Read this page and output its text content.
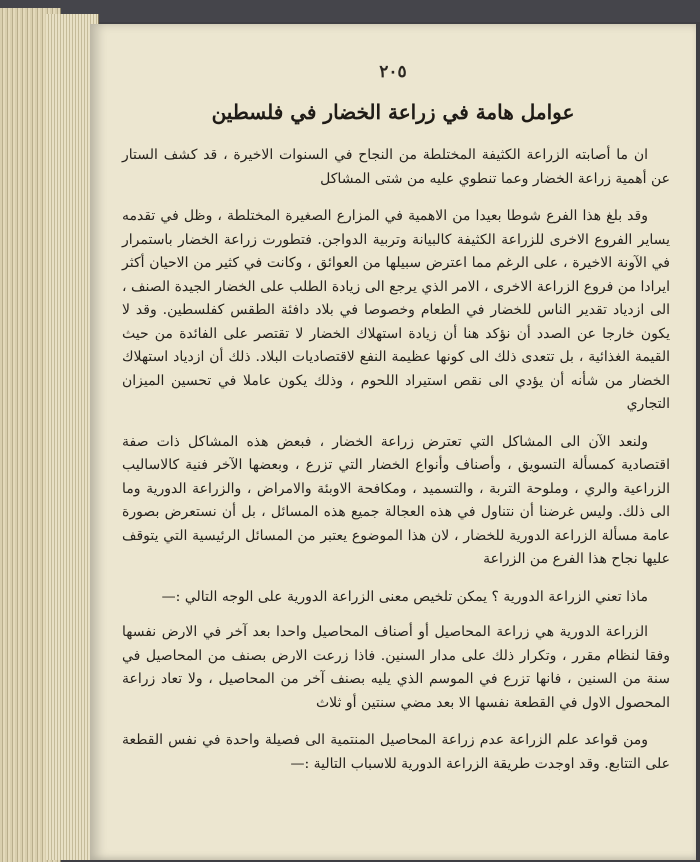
٢٠٥
عوامل هامة في زراعة الخضار في فلسطين

ان ما أصابته الزراعة الكثيفة المختلطة من النجاح في السنوات الاخيرة ، قد كشف الستار عن أهمية زراعة الخضار وعما تنطوي عليه من شتى المشاكل

وقد بلغ هذا الفرع شوطا بعيدا من الاهمية في المزارع الصغيرة المختلطة ، وظل في تقدمه يساير الفروع الاخرى للزراعة الكثيفة كالبيانة وتربية الدواجن. فتطورت زراعة الخضار باستمرار في الآونة الاخيرة ، على الرغم مما اعترض سبيلها من العوائق ، وكانت في كثير من الاحيان أكثر ايرادا من فروع الزراعة الاخرى ، الامر الذي يرجع الى زيادة الطلب على الخضار الجيدة الصنف ، الى ازدياد تقدير الناس للخضار في الطعام وخصوصا في بلاد دافئة الطقس كفلسطين. وقد لا يكون خارجا عن الصدد أن نؤكد هنا أن زيادة استهلاك الخضار لا تقتصر على الفائدة من حيث القيمة الغذائية ، بل تتعدى ذلك الى كونها عظيمة النفع لاقتصاديات البلاد. ذلك أن ازدياد استهلاك الخضار من شأنه أن يؤدي الى نقص استيراد اللحوم ، وذلك يكون عاملا في تحسين الميزان التجاري

ولنعد الآن الى المشاكل التي تعترض زراعة الخضار ، فبعض هذه المشاكل ذات صفة اقتصادية كمسألة التسويق ، وأصناف وأنواع الخضار التي تزرع ، وبعضها الآخر فنية كالاساليب الزراعية والري ، وملوحة التربة ، والتسميد ، ومكافحة الاوبئة والامراض ، والزراعة الدورية وما الى ذلك. وليس غرضنا أن نتناول في هذه العجالة جميع هذه المسائل ، بل أن نستعرض بصورة عامة مسألة الزراعة الدورية للخضار ، لان هذا الموضوع يعتبر من المسائل الرئيسية التي يتوقف عليها نجاح هذا الفرع من الزراعة

ماذا تعني الزراعة الدورية ؟ يمكن تلخيص معنى الزراعة الدورية على الوجه التالي :—

الزراعة الدورية هي زراعة المحاصيل أو أصناف المحاصيل واحدا بعد آخر في الارض نفسها وفقا لنظام مقرر ، وتكرار ذلك على مدار السنين. فاذا زرعت الارض بصنف من المحاصيل في سنة من السنين ، فانها تزرع في الموسم الذي يليه بصنف آخر من المحاصيل ، ولا تعاد زراعة المحصول الاول في القطعة نفسها الا بعد مضي سنتين أو ثلاث

ومن قواعد علم الزراعة عدم زراعة المحاصيل المنتمية الى فصيلة واحدة في نفس القطعة على التتابع. وقد اوجدت طريقة الزراعة الدورية للاسباب التالية :—
